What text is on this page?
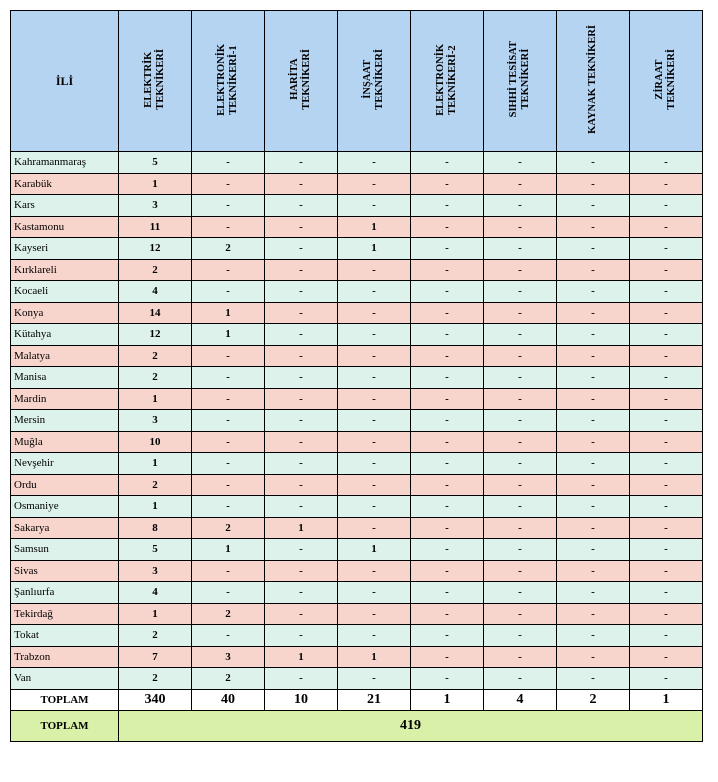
İLİ	ELEKTRİK TEKNİKERİ	ELEKTRONİK TEKNİKERİ-1	HARİTA TEKNİKERİ	İNŞAAT TEKNİKERİ	ELEKTRONİK TEKNİKERİ-2	SIHHİ TESİSAT TEKNİKERİ	KAYNAK TEKNİKERİ	ZİRAAT TEKNİKERİ

Kahramanmaraş	5	-	-	-	-	-	-	-
Karabük	1	-	-	-	-	-	-	-
Kars	3	-	-	-	-	-	-	-
Kastamonu	11	-	-	1	-	-	-	-
Kayseri	12	2	-	1	-	-	-	-
Kırklareli	2	-	-	-	-	-	-	-
Kocaeli	4	-	-	-	-	-	-	-
Konya	14	1	-	-	-	-	-	-
Kütahya	12	1	-	-	-	-	-	-
Malatya	2	-	-	-	-	-	-	-
Manisa	2	-	-	-	-	-	-	-
Mardin	1	-	-	-	-	-	-	-
Mersin	3	-	-	-	-	-	-	-
Muğla	10	-	-	-	-	-	-	-
Nevşehir	1	-	-	-	-	-	-	-
Ordu	2	-	-	-	-	-	-	-
Osmaniye	1	-	-	-	-	-	-	-
Sakarya	8	2	1	-	-	-	-	-
Samsun	5	1	-	1	-	-	-	-
Sivas	3	-	-	-	-	-	-	-
Şanlıurfa	4	-	-	-	-	-	-	-
Tekirdağ	1	2	-	-	-	-	-	-
Tokat	2	-	-	-	-	-	-	-
Trabzon	7	3	1	1	-	-	-	-
Van	2	2	-	-	-	-	-	-
TOPLAM	340	40	10	21	1	4	2	1
TOPLAM	419							
